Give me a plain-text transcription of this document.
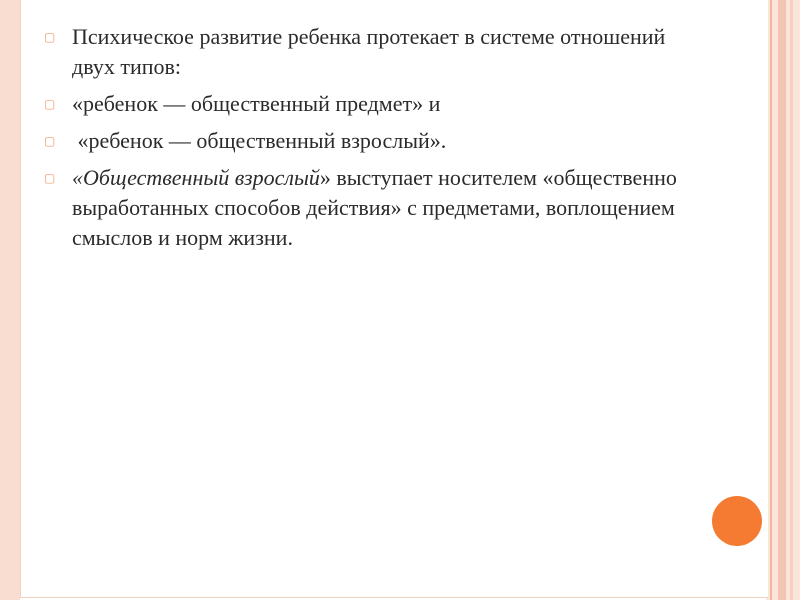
▢ Психическое развитие ребенка протекает в системе отношений двух типов:
▢ «ребенок — общественный предмет» и
▢ «ребенок — общественный взрослый».
▢ «Общественный взрослый» выступает носителем «общественно выработанных способов действия» с предметами, воплощением смыслов и норм жизни.
